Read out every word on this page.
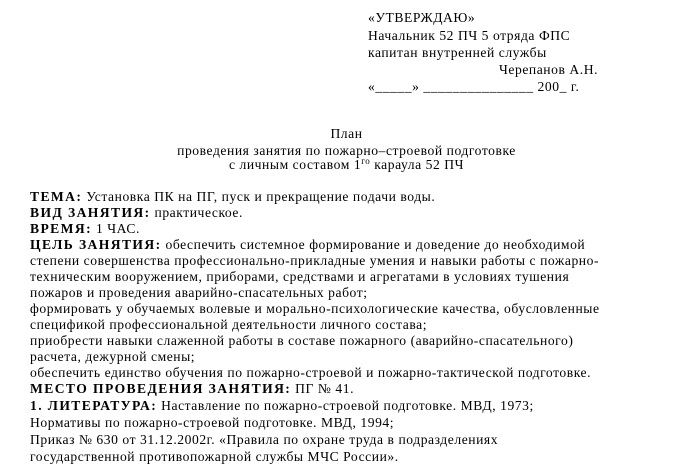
«УТВЕРЖДАЮ»
Начальник 52 ПЧ 5 отряда ФПС
капитан внутренней службы
Черепанов А.Н.
«_____» _______________ 200_ г.
План
проведения занятия по пожарно–строевой подготовке
с личным составом $1^{го}$ караула 52 ПЧ
ТЕМА: Установка ПК на ПГ, пуск и прекращение подачи воды.
ВИД ЗАНЯТИЯ: практическое.
ВРЕМЯ: 1 ЧАС.
ЦЕЛЬ ЗАНЯТИЯ: обеспечить системное формирование и доведение до необходимой
степени совершенства профессионально-прикладные умения и навыки работы с пожарно-
техническим вооружением, приборами, средствами и агрегатами в условиях тушения
пожаров и проведения аварийно-спасательных работ;
формировать у обучаемых волевые и морально-психологические качества, обусловленные
спецификой профессиональной деятельности личного состава;
приобрести навыки слаженной работы в составе пожарного (аварийно-спасательного)
расчета, дежурной смены;
обеспечить единство обучения по пожарно-строевой и пожарно-тактической подготовке.
МЕСТО ПРОВЕДЕНИЯ ЗАНЯТИЯ: ПГ № 41.
1. ЛИТЕРАТУРА: Наставление по пожарно-строевой подготовке. МВД, 1973;
Нормативы по пожарно-строевой подготовке. МВД, 1994;
Приказ № 630 от 31.12.2002г. «Правила по охране труда в подразделениях
государственной противопожарной службы МЧС России».
